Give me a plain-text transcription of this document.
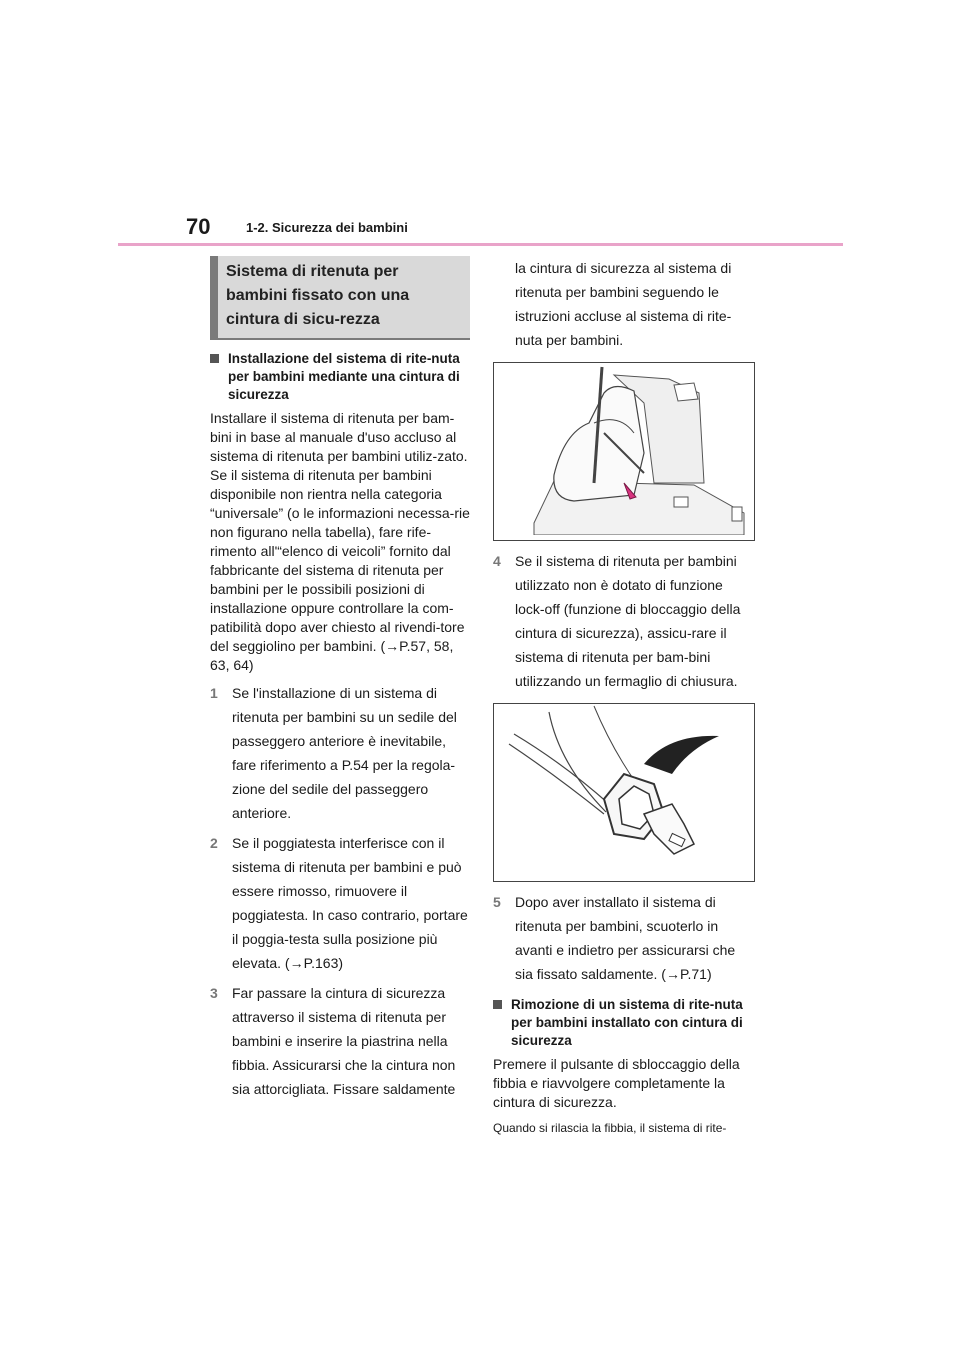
70	1-2. Sicurezza dei bambini
Sistema di ritenuta per bambini fissato con una cintura di sicu-rezza
Installazione del sistema di rite-nuta per bambini mediante una cintura di sicurezza
Installare il sistema di ritenuta per bam-bini in base al manuale d'uso accluso al sistema di ritenuta per bambini utiliz-zato. Se il sistema di ritenuta per bambini disponibile non rientra nella categoria “universale” (o le informazioni necessa-rie non figurano nella tabella), fare rife-rimento all'“elenco di veicoli” fornito dal fabbricante del sistema di ritenuta per bambini per le possibili posizioni di installazione oppure controllare la com-patibilità dopo aver chiesto al rivendi-tore del seggiolino per bambini. (→P.57, 58, 63, 64)
1	Se l'installazione di un sistema di ritenuta per bambini su un sedile del passeggero anteriore è inevitabile, fare riferimento a P.54 per la regola-zione del sedile del passeggero anteriore.
2	Se il poggiatesta interferisce con il sistema di ritenuta per bambini e può essere rimosso, rimuovere il poggiatesta. In caso contrario, portare il poggia-testa sulla posizione più elevata. (→P.163)
3	Far passare la cintura di sicurezza attraverso il sistema di ritenuta per bambini e inserire la piastrina nella fibbia. Assicurarsi che la cintura non sia attorcigliata. Fissare saldamente
la cintura di sicurezza al sistema di ritenuta per bambini seguendo le istruzioni accluse al sistema di rite-nuta per bambini.
4	Se il sistema di ritenuta per bambini utilizzato non è dotato di funzione lock-off (funzione di bloccaggio della cintura di sicurezza), assicu-rare il sistema di ritenuta per bam-bini utilizzando un fermaglio di chiusura.
5	Dopo aver installato il sistema di ritenuta per bambini, scuoterlo in avanti e indietro per assicurarsi che sia fissato saldamente. (→P.71)
Rimozione di un sistema di rite-nuta per bambini installato con cintura di sicurezza
Premere il pulsante di sbloccaggio della fibbia e riavvolgere completamente la cintura di sicurezza.
Quando si rilascia la fibbia, il sistema di rite-
